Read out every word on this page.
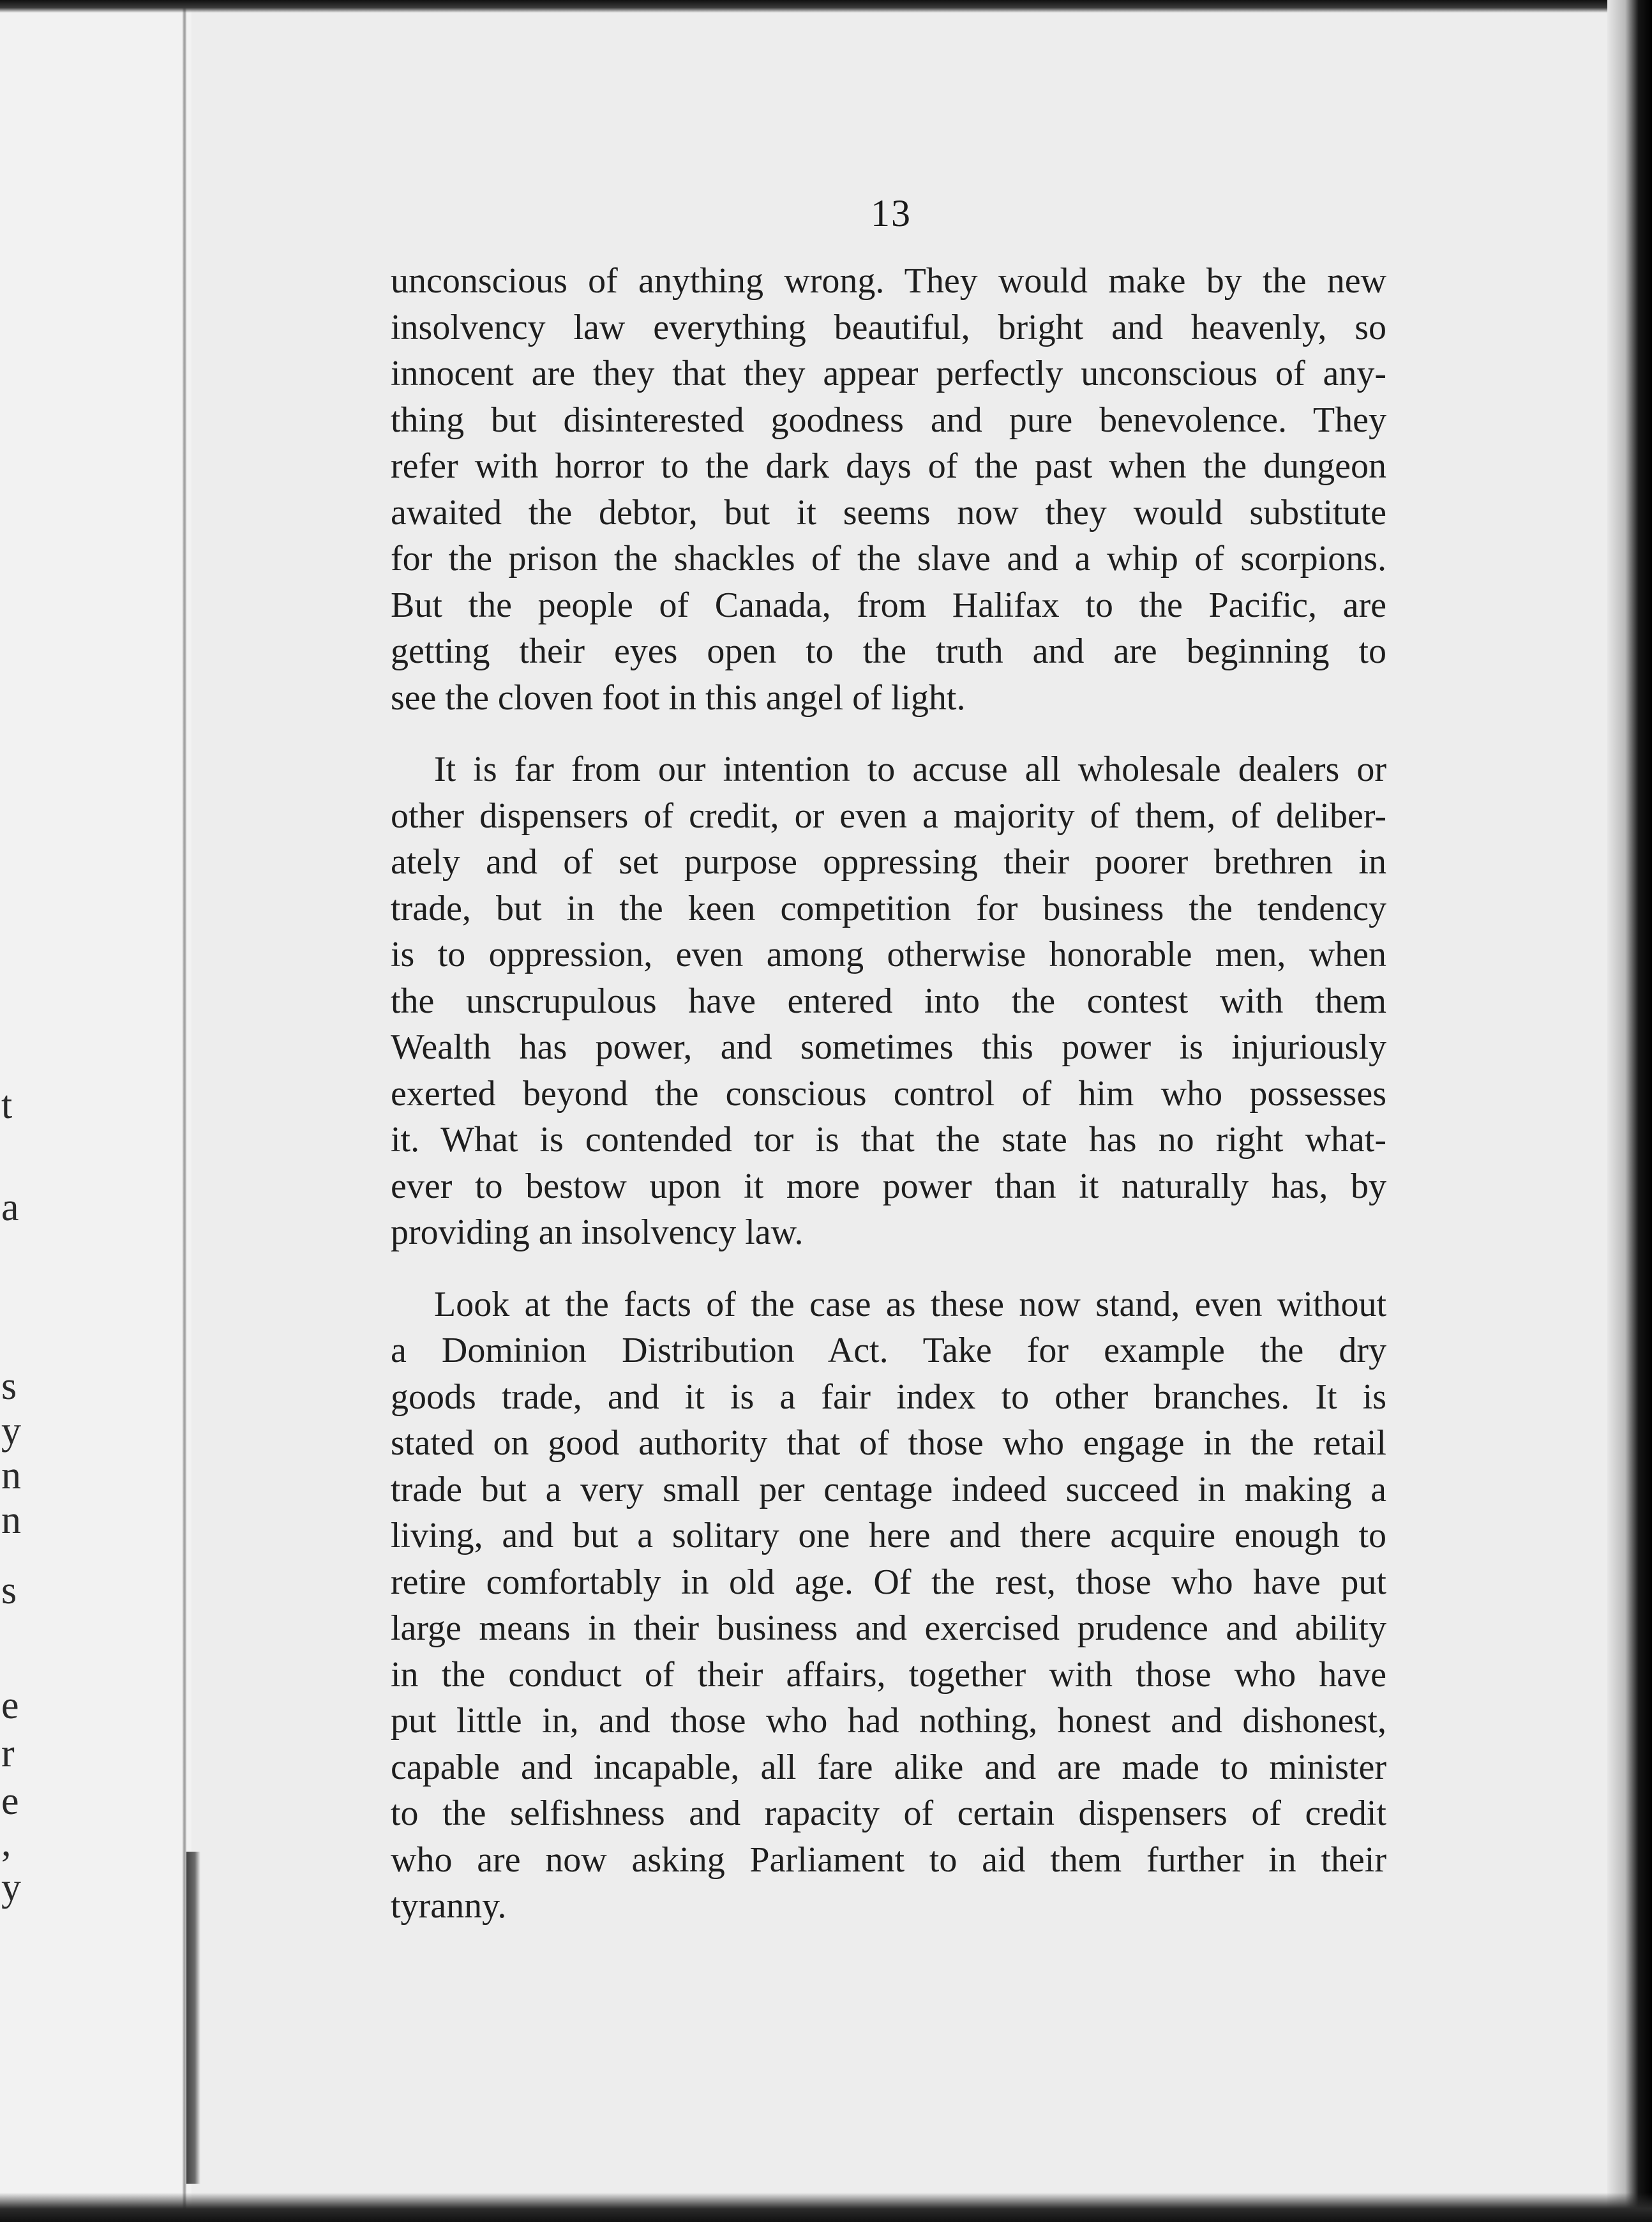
t
a
s
y
n
n
s
e
r
e
,
y
13

unconscious of anything wrong. They would make by the new
insolvency law everything beautiful, bright and heavenly, so
innocent are they that they appear perfectly unconscious of any-
thing but disinterested goodness and pure benevolence. They
refer with horror to the dark days of the past when the dungeon
awaited the debtor, but it seems now they would substitute
for the prison the shackles of the slave and a whip of scorpions.
But the people of Canada, from Halifax to the Pacific, are
getting their eyes open to the truth and are beginning to
see the cloven foot in this angel of light.

It is far from our intention to accuse all wholesale dealers or
other dispensers of credit, or even a majority of them, of deliber-
ately and of set purpose oppressing their poorer brethren in
trade, but in the keen competition for business the tendency
is to oppression, even among otherwise honorable men, when
the unscrupulous have entered into the contest with them
Wealth has power, and sometimes this power is injuriously
exerted beyond the conscious control of him who possesses
it. What is contended tor is that the state has no right what-
ever to bestow upon it more power than it naturally has, by
providing an insolvency law.

Look at the facts of the case as these now stand, even without
a Dominion Distribution Act. Take for example the dry
goods trade, and it is a fair index to other branches. It is
stated on good authority that of those who engage in the retail
trade but a very small per centage indeed succeed in making a
living, and but a solitary one here and there acquire enough to
retire comfortably in old age. Of the rest, those who have put
large means in their business and exercised prudence and ability
in the conduct of their affairs, together with those who have
put little in, and those who had nothing, honest and dishonest,
capable and incapable, all fare alike and are made to minister
to the selfishness and rapacity of certain dispensers of credit
who are now asking Parliament to aid them further in their
tyranny.
